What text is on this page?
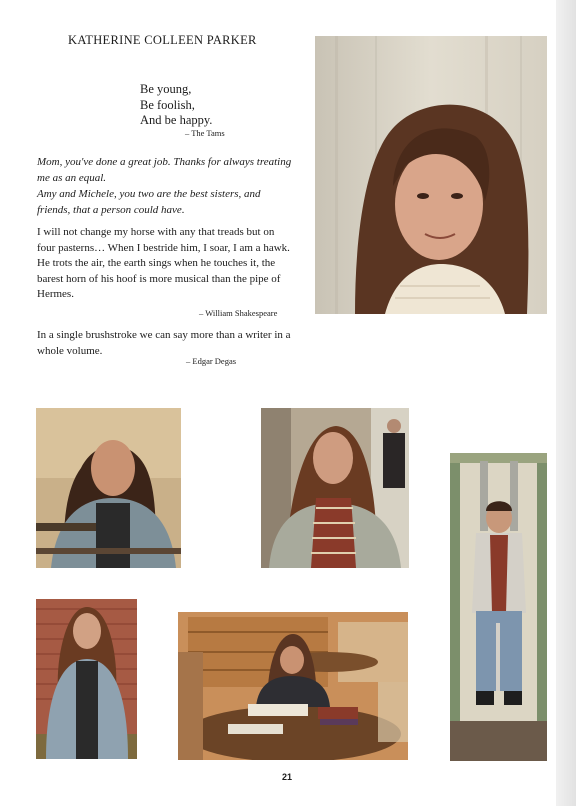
KATHERINE COLLEEN PARKER
Be young,
Be foolish,
And be happy.
– The Tams
Mom, you've done a great job. Thanks for always treating me as an equal.
Amy and Michele, you two are the best sisters, and friends, that a person could have.
I will not change my horse with any that treads but on four pasterns… When I bestride him, I soar, I am a hawk. He trots the air, the earth sings when he touches it, the barest horn of his hoof is more musical than the pipe of Hermes.
– William Shakespeare
In a single brushstroke we can say more than a writer in a whole volume.
– Edgar Degas
21
